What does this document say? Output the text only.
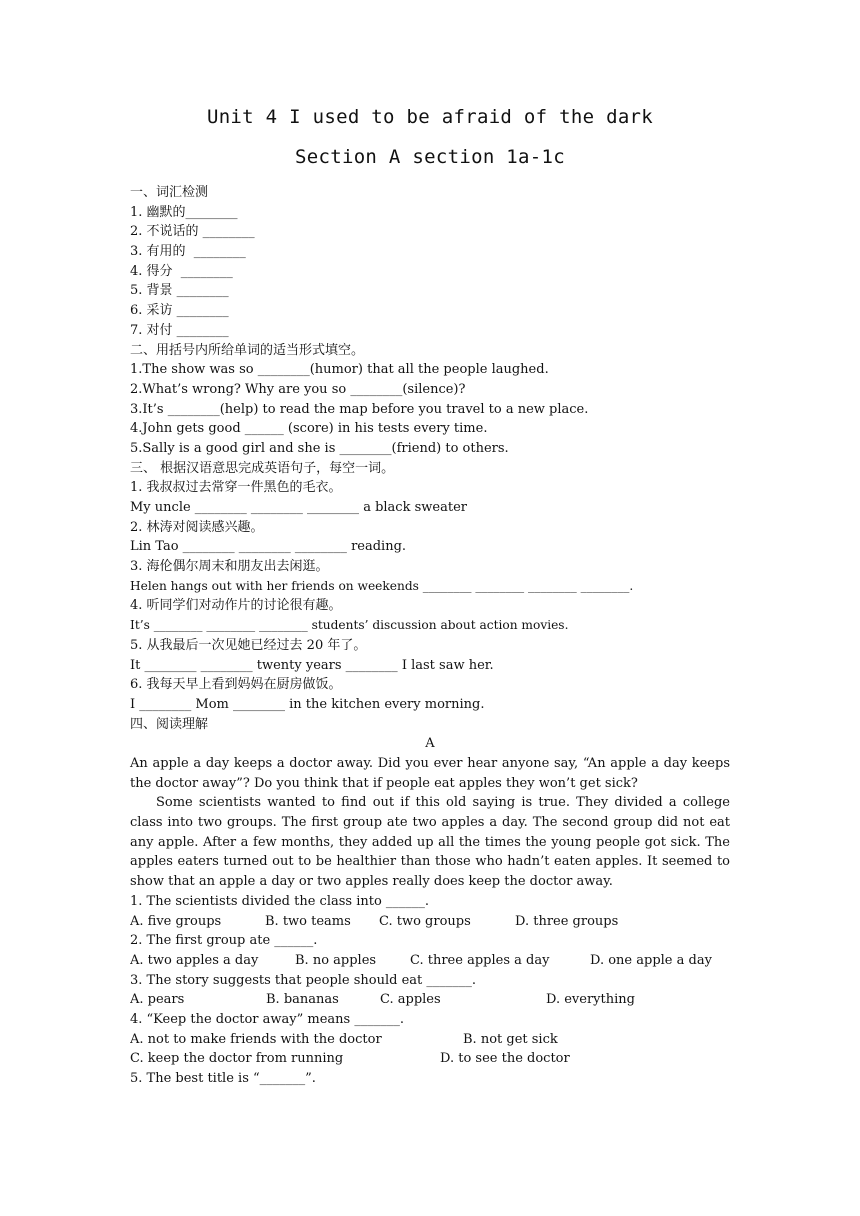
Unit 4 I used to be afraid of the dark
Section A section 1a-1c
一、词汇检测
1. 幽默的________
2. 不说话的 ________
3. 有用的  ________
4. 得分  ________
5. 背景 ________
6. 采访 ________
7. 对付 ________
二、用括号内所给单词的适当形式填空。
1.The show was so ________(humor) that all the people laughed.
2.What’s wrong? Why are you so ________(silence)?
3.It’s ________(help) to read the map before you travel to a new place.
4.John gets good ______ (score) in his tests every time.
5.Sally is a good girl and she is ________(friend) to others.
三、 根据汉语意思完成英语句子，每空一词。
1. 我叔叔过去常穿一件黑色的毛衣。
My uncle ________ ________ ________ a black sweater
2. 林涛对阅读感兴趣。
Lin Tao ________ ________ ________ reading.
3. 海伦偶尔周末和朋友出去闲逛。
Helen hangs out with her friends on weekends ________ ________ ________ ________.
4. 听同学们对动作片的讨论很有趣。
It’s ________ ________ ________ students’ discussion about action movies.
5. 从我最后一次见她已经过去 20 年了。
It ________ ________ twenty years ________ I last saw her.
6. 我每天早上看到妈妈在厨房做饭。
I ________ Mom ________ in the kitchen every morning.
四、阅读理解
A

An apple a day keeps a doctor away. Did you ever hear anyone say, “An apple a day keeps the doctor away”? Do you think that if people eat apples they won’t get sick?

Some scientists wanted to find out if this old saying is true. They divided a college class into two groups. The first group ate two apples a day. The second group did not eat any apple. After a few months, they added up all the times the young people got sick. The apples eaters turned out to be healthier than those who hadn’t eaten apples. It seemed to show that an apple a day or two apples really does keep the doctor away.

1. The scientists divided the class into ______.
A. five groups	B. two teams C. two groups	D. three groups
2. The first group ate ______.
A. two apples a day	B. no apples	C. three apples a day	D. one apple a day
3. The story suggests that people should eat _______.
A. pears	B. bananas	C. apples	D. everything
4. “Keep the doctor away” means _______.
A. not to make friends with the doctor	B. not get sick
C. keep the doctor from running	D. to see the doctor
5. The best title is “_______”.
